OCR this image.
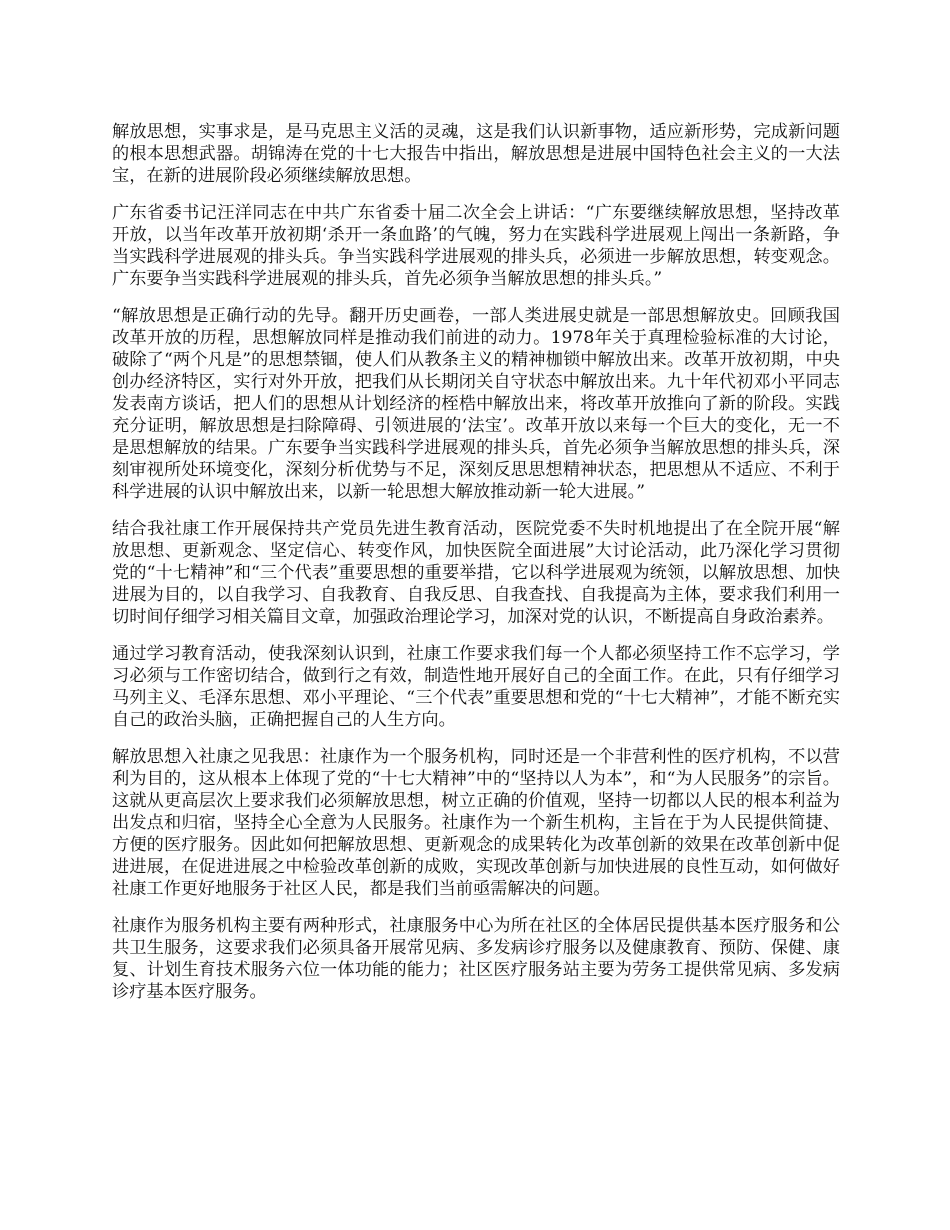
解放思想，实事求是，是马克思主义活的灵魂，这是我们认识新事物，适应新形势，完成新问题的根本思想武器。胡锦涛在党的十七大报告中指出，解放思想是进展中国特色社会主义的一大法宝，在新的进展阶段必须继续解放思想。

广东省委书记汪洋同志在中共广东省委十届二次全会上讲话：“广东要继续解放思想，坚持改革开放，以当年改革开放初期‘杀开一条血路’的气魄，努力在实践科学进展观上闯出一条新路，争当实践科学进展观的排头兵。争当实践科学进展观的排头兵，必须进一步解放思想，转变观念。广东要争当实践科学进展观的排头兵，首先必须争当解放思想的排头兵。”

“解放思想是正确行动的先导。翻开历史画卷，一部人类进展史就是一部思想解放史。回顾我国改革开放的历程，思想解放同样是推动我们前进的动力。1978年关于真理检验标准的大讨论，破除了“两个凡是”的思想禁锢，使人们从教条主义的精神枷锁中解放出来。改革开放初期，中央创办经济特区，实行对外开放，把我们从长期闭关自守状态中解放出来。九十年代初邓小平同志发表南方谈话，把人们的思想从计划经济的桎梏中解放出来，将改革开放推向了新的阶段。实践充分证明，解放思想是扫除障碍、引领进展的‘法宝’。改革开放以来每一个巨大的变化，无一不是思想解放的结果。广东要争当实践科学进展观的排头兵，首先必须争当解放思想的排头兵，深刻审视所处环境变化，深刻分析优势与不足，深刻反思思想精神状态，把思想从不适应、不利于科学进展的认识中解放出来，以新一轮思想大解放推动新一轮大进展。”

结合我社康工作开展保持共产党员先进生教育活动，医院党委不失时机地提出了在全院开展“解放思想、更新观念、坚定信心、转变作风，加快医院全面进展”大讨论活动，此乃深化学习贯彻党的“十七精神”和“三个代表”重要思想的重要举措，它以科学进展观为统领，以解放思想、加快进展为目的，以自我学习、自我教育、自我反思、自我查找、自我提高为主体，要求我们利用一切时间仔细学习相关篇目文章，加强政治理论学习，加深对党的认识，不断提高自身政治素养。

通过学习教育活动，使我深刻认识到，社康工作要求我们每一个人都必须坚持工作不忘学习，学习必须与工作密切结合，做到行之有效，制造性地开展好自己的全面工作。在此，只有仔细学习马列主义、毛泽东思想、邓小平理论、“三个代表”重要思想和党的“十七大精神”，才能不断充实自己的政治头脑，正确把握自己的人生方向。

解放思想入社康之见我思：社康作为一个服务机构，同时还是一个非营利性的医疗机构，不以营利为目的，这从根本上体现了党的“十七大精神”中的“坚持以人为本”，和“为人民服务”的宗旨。这就从更高层次上要求我们必须解放思想，树立正确的价值观，坚持一切都以人民的根本利益为出发点和归宿，坚持全心全意为人民服务。社康作为一个新生机构，主旨在于为人民提供简捷、方便的医疗服务。因此如何把解放思想、更新观念的成果转化为改革创新的效果在改革创新中促进进展，在促进进展之中检验改革创新的成败，实现改革创新与加快进展的良性互动，如何做好社康工作更好地服务于社区人民，都是我们当前亟需解决的问题。

社康作为服务机构主要有两种形式，社康服务中心为所在社区的全体居民提供基本医疗服务和公共卫生服务，这要求我们必须具备开展常见病、多发病诊疗服务以及健康教育、预防、保健、康复、计划生育技术服务六位一体功能的能力；社区医疗服务站主要为劳务工提供常见病、多发病诊疗基本医疗服务。
